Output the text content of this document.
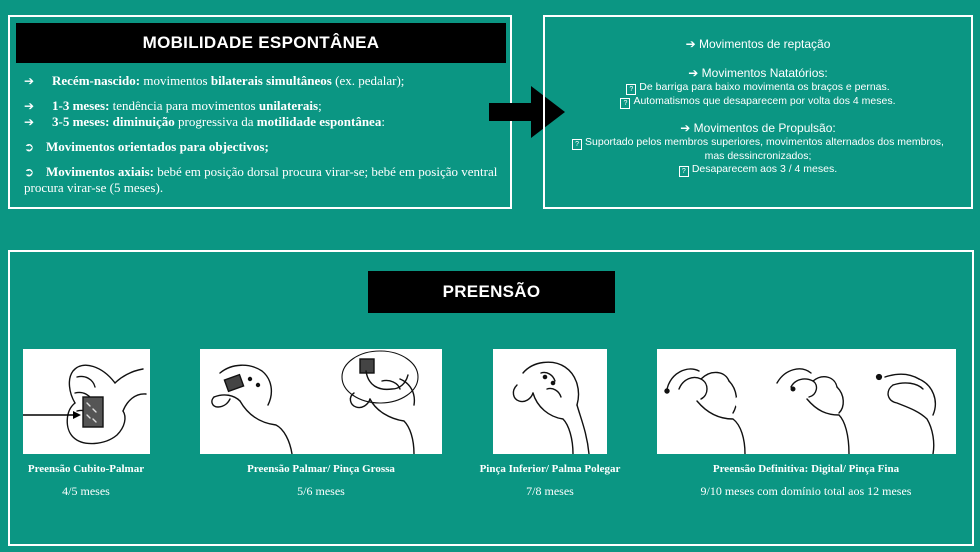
MOBILIDADE ESPONTÂNEA
➔	Recém-nascido: movimentos bilaterais simultâneos (ex. pedalar);
➔	1-3 meses: tendência para movimentos unilaterais;
➔	3-5 meses: diminuição progressiva da motilidade espontânea:
➲ Movimentos orientados para objectivos;
➲ Movimentos axiais: bebé em posição dorsal procura virar-se; bebé em posição ventral procura virar-se (5 meses).
➔ Movimentos de reptação
➔ Movimentos Natatórios:
? De barriga para baixo movimenta os braços e pernas.
? Automatismos que desaparecem por volta dos 4 meses.
➔ Movimentos de Propulsão:
? Suportado pelos membros superiores, movimentos alternados dos membros,
mas dessincronizados;
? Desaparecem aos 3 / 4 meses.
PREENSÃO
Preensão Cubito-Palmar
4/5 meses
Preensão Palmar/ Pinça Grossa
5/6 meses
Pinça Inferior/ Palma Polegar
7/8 meses
Preensão Definitiva: Digital/ Pinça Fina
9/10 meses com domínio total aos 12 meses
